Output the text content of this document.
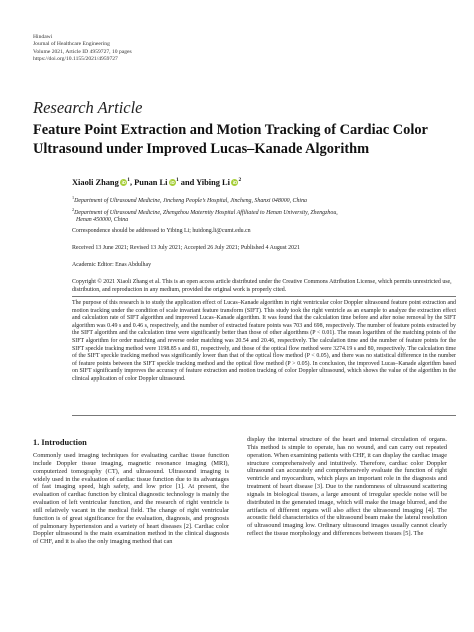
Hindawi
Journal of Healthcare Engineering
Volume 2021, Article ID 4959727, 10 pages
https://doi.org/10.1155/2021/4959727
Research Article
Feature Point Extraction and Motion Tracking of Cardiac Color Ultrasound under Improved Lucas–Kanade Algorithm
Xiaoli Zhang $iD^1$, Punan Li $iD^1$ and Yibing Li $iD^2$
$^1$Department of Ultrasound Medicine, Jincheng People’s Hospital, Jincheng, Shanxi 048000, China
$^2$Department of Ultrasound Medicine, Zhengzhou Maternity Hospital Affiliated to Henan University, Zhengzhou,
Henan 450000, China
Correspondence should be addressed to Yibing Li; huidong.li@cumt.edu.cn
Received 13 June 2021; Revised 13 July 2021; Accepted 26 July 2021; Published 4 August 2021
Academic Editor: Enas Abdulhay
Copyright © 2021 Xiaoli Zhang et al. This is an open access article distributed under the Creative Commons Attribution License, which permits unrestricted use, distribution, and reproduction in any medium, provided the original work is properly cited.
The purpose of this research is to study the application effect of Lucas–Kanade algorithm in right ventricular color Doppler ultrasound feature point extraction and motion tracking under the condition of scale invariant feature transform (SIFT). This study took the right ventricle as an example to analyze the extraction effect and calculation rate of SIFT algorithm and improved Lucas–Kanade algorithm. It was found that the calculation time before and after noise removal by the SIFT algorithm was 0.49 s and 0.46 s, respectively, and the number of extracted feature points was 703 and 698, respectively. The number of feature points extracted by the SIFT algorithm and the calculation time were significantly better than those of other algorithms (P < 0.01). The mean logarithm of the matching points of the SIFT algorithm for order matching and reverse order matching was 20.54 and 20.46, respectively. The calculation time and the number of feature points for the SIFT speckle tracking method were 1198.85 s and 81, respectively, and those of the optical flow method were 3274.19 s and 80, respectively. The calculation time of the SIFT speckle tracking method was significantly lower than that of the optical flow method (P < 0.05), and there was no statistical difference in the number of feature points between the SIFT speckle tracking method and the optical flow method (P > 0.05). In conclusion, the improved Lucas–Kanade algorithm based on SIFT significantly improves the accuracy of feature extraction and motion tracking of color Doppler ultrasound, which shows the value of the algorithm in the clinical application of color Doppler ultrasound.
1. Introduction
Commonly used imaging techniques for evaluating cardiac tissue function include Doppler tissue imaging, magnetic resonance imaging (MRI), computerized tomography (CT), and ultrasound. Ultrasound imaging is widely used in the evaluation of cardiac tissue function due to its advantages of fast imaging speed, high safety, and low price [1]. At present, the evaluation of cardiac function by clinical diagnostic technology is mainly the evaluation of left ventricular function, and the research of right ventricle is still relatively vacant in the medical field. The change of right ventricular function is of great significance for the evaluation, diagnosis, and prognosis of pulmonary hypertension and a variety of heart diseases [2]. Cardiac color Doppler ultrasound is the main examination method in the clinical diagnosis of CHF, and it is also the only imaging method that can
display the internal structure of the heart and internal circulation of organs. This method is simple to operate, has no wound, and can carry out repeated operation. When examining patients with CHF, it can display the cardiac image structure comprehensively and intuitively. Therefore, cardiac color Doppler ultrasound can accurately and comprehensively evaluate the function of right ventricle and myocardium, which plays an important role in the diagnosis and treatment of heart disease [3]. Due to the randomness of ultrasound scattering signals in biological tissues, a large amount of irregular speckle noise will be distributed in the generated image, which will make the image blurred, and the artifacts of different organs will also affect the ultrasound imaging [4]. The acoustic field characteristics of the ultrasound beam make the lateral resolution of ultrasound imaging low. Ordinary ultrasound images usually cannot clearly reflect the tissue morphology and differences between tissues [5]. The
